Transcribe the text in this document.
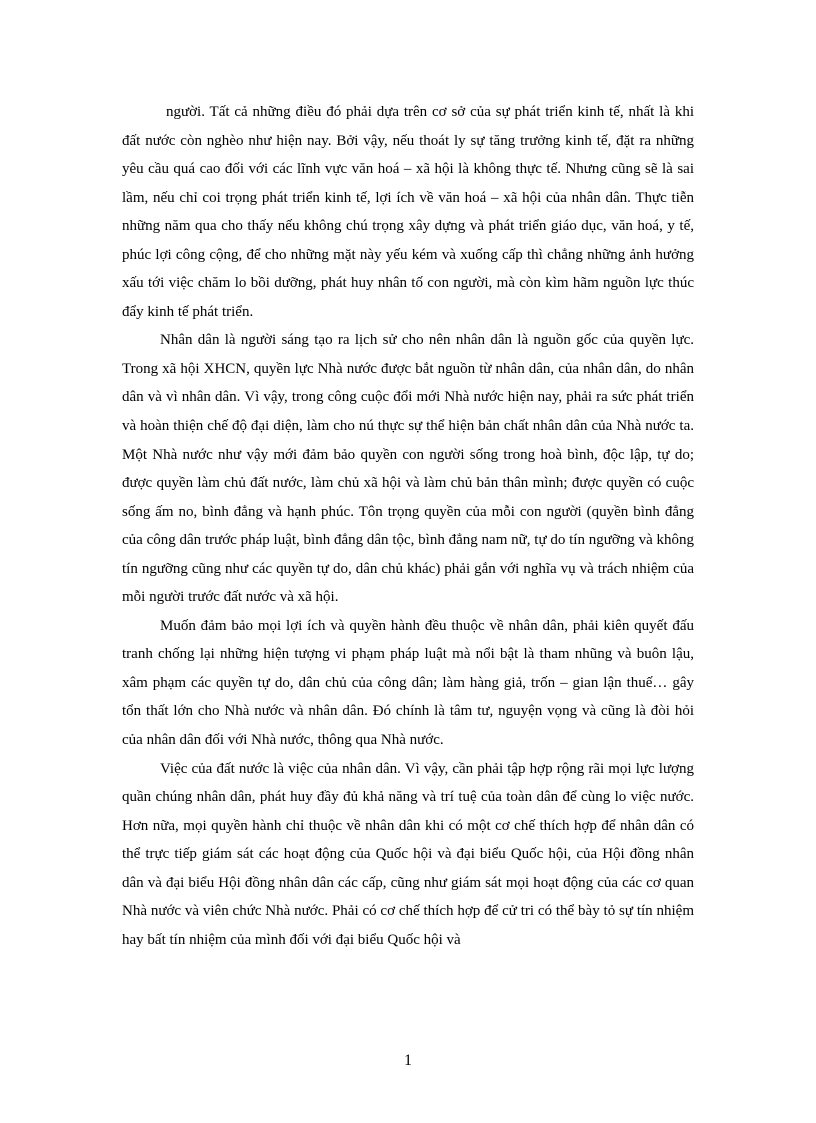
người. Tất cả những điều đó phải dựa trên cơ sở của sự phát triển kinh tế, nhất là khi đất nước còn nghèo như hiện nay. Bởi vậy, nếu thoát ly sự tăng trưởng kinh tế, đặt ra những yêu cầu quá cao đối với các lĩnh vực văn hoá – xã hội là không thực tế. Nhưng cũng sẽ là sai lầm, nếu chỉ coi trọng phát triển kinh tế, lợi ích về văn hoá – xã hội của nhân dân. Thực tiễn những năm qua cho thấy nếu không chú trọng xây dựng và phát triển giáo dục, văn hoá, y tế, phúc lợi công cộng, để cho những mặt này yếu kém và xuống cấp thì chẳng những ảnh hưởng xấu tới việc chăm lo bồi dưỡng, phát huy nhân tố con người, mà còn kìm hãm nguồn lực thúc đẩy kinh tế phát triển.

Nhân dân là người sáng tạo ra lịch sử cho nên nhân dân là nguồn gốc của quyền lực. Trong xã hội XHCN, quyền lực Nhà nước được bắt nguồn từ nhân dân, của nhân dân, do nhân dân và vì nhân dân. Vì vậy, trong công cuộc đổi mới Nhà nước hiện nay, phải ra sức phát triển và hoàn thiện chế độ đại diện, làm cho nú thực sự thể hiện bản chất nhân dân của Nhà nước ta. Một Nhà nước như vậy mới đảm bảo quyền con người sống trong hoà bình, độc lập, tự do; được quyền làm chủ đất nước, làm chủ xã hội và làm chủ bản thân mình; được quyền có cuộc sống ấm no, bình đẳng và hạnh phúc. Tôn trọng quyền của mỗi con người (quyền bình đẳng của công dân trước pháp luật, bình đẳng dân tộc, bình đẳng nam nữ, tự do tín ngưỡng và không tín ngưỡng cũng như các quyền tự do, dân chủ khác) phải gắn với nghĩa vụ và trách nhiệm của mỗi người trước đất nước và xã hội.

Muốn đảm bảo mọi lợi ích và quyền hành đều thuộc về nhân dân, phải kiên quyết đấu tranh chống lại những hiện tượng vi phạm pháp luật mà nổi bật là tham nhũng và buôn lậu, xâm phạm các quyền tự do, dân chủ của công dân; làm hàng giả, trốn – gian lận thuế… gây tổn thất lớn cho Nhà nước và nhân dân. Đó chính là tâm tư, nguyện vọng và cũng là đòi hỏi của nhân dân đối với Nhà nước, thông qua Nhà nước.

Việc của đất nước là việc của nhân dân. Vì vậy, cần phải tập hợp rộng rãi mọi lực lượng quần chúng nhân dân, phát huy đầy đủ khả năng và trí tuệ của toàn dân để cùng lo việc nước. Hơn nữa, mọi quyền hành chỉ thuộc về nhân dân khi có một cơ chế thích hợp để nhân dân có thể trực tiếp giám sát các hoạt động của Quốc hội và đại biểu Quốc hội, của Hội đồng nhân dân và đại biểu Hội đồng nhân dân các cấp, cũng như giám sát mọi hoạt động của các cơ quan Nhà nước và viên chức Nhà nước. Phải có cơ chế thích hợp để cử tri có thể bày tỏ sự tín nhiệm hay bất tín nhiệm của mình đối với đại biểu Quốc hội và

1
